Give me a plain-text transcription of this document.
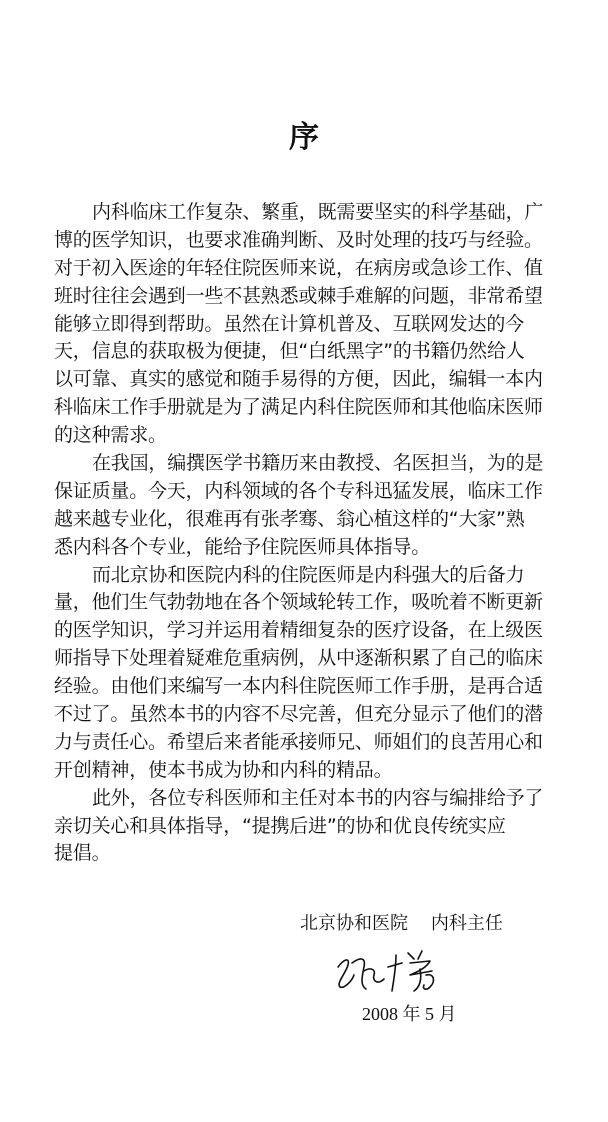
序
内科临床工作复杂、繁重，既需要坚实的科学基础，广
博的医学知识，也要求准确判断、及时处理的技巧与经验。
对于初入医途的年轻住院医师来说，在病房或急诊工作、值
班时往往会遇到一些不甚熟悉或棘手难解的问题，非常希望
能够立即得到帮助。虽然在计算机普及、互联网发达的今
天，信息的获取极为便捷，但“白纸黑字”的书籍仍然给人
以可靠、真实的感觉和随手易得的方便，因此，编辑一本内
科临床工作手册就是为了满足内科住院医师和其他临床医师
的这种需求。
在我国，编撰医学书籍历来由教授、名医担当，为的是
保证质量。今天，内科领域的各个专科迅猛发展，临床工作
越来越专业化，很难再有张孝骞、翁心植这样的“大家”熟
悉内科各个专业，能给予住院医师具体指导。
而北京协和医院内科的住院医师是内科强大的后备力
量，他们生气勃勃地在各个领域轮转工作，吸吮着不断更新
的医学知识，学习并运用着精细复杂的医疗设备，在上级医
师指导下处理着疑难危重病例，从中逐渐积累了自己的临床
经验。由他们来编写一本内科住院医师工作手册，是再合适
不过了。虽然本书的内容不尽完善，但充分显示了他们的潜
力与责任心。希望后来者能承接师兄、师姐们的良苦用心和
开创精神，使本书成为协和内科的精品。
此外，各位专科医师和主任对本书的内容与编排给予了
亲切关心和具体指导，“提携后进”的协和优良传统实应
提倡。
北京协和医院    内科主任
2008 年 5 月
